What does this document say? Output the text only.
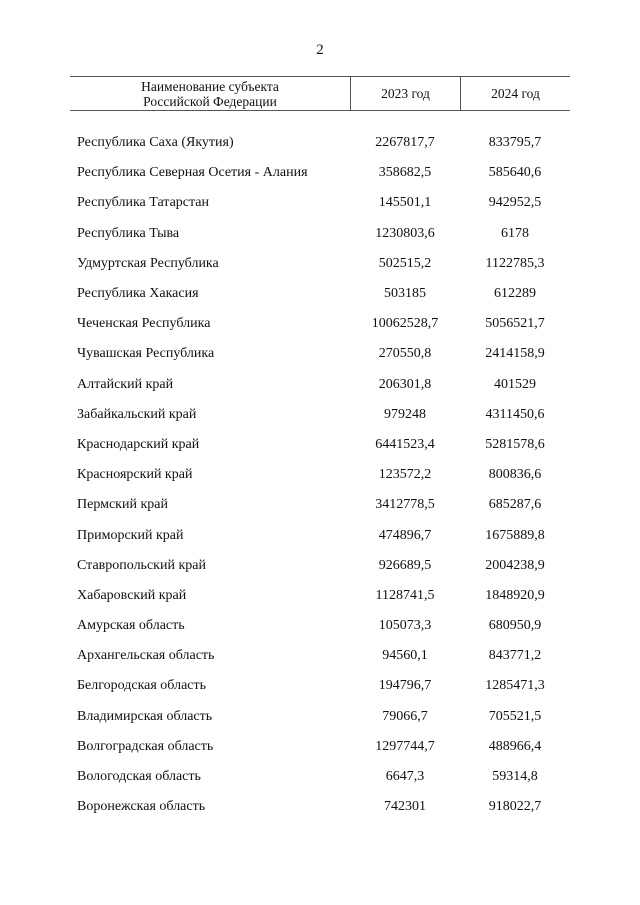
2
Наименование субъекта
Российской Федерации
2023 год	2024 год
Республика Саха (Якутия)	2267817,7	833795,7
Республика Северная Осетия - Алания	358682,5	585640,6
Республика Татарстан	145501,1	942952,5
Республика Тыва	1230803,6	6178
Удмуртская Республика	502515,2	1122785,3
Республика Хакасия	503185	612289
Чеченская Республика	10062528,7	5056521,7
Чувашская Республика	270550,8	2414158,9
Алтайский край	206301,8	401529
Забайкальский край	979248	4311450,6
Краснодарский край	6441523,4	5281578,6
Красноярский край	123572,2	800836,6
Пермский край	3412778,5	685287,6
Приморский край	474896,7	1675889,8
Ставропольский край	926689,5	2004238,9
Хабаровский край	1128741,5	1848920,9
Амурская область	105073,3	680950,9
Архангельская область	94560,1	843771,2
Белгородская область	194796,7	1285471,3
Владимирская область	79066,7	705521,5
Волгоградская область	1297744,7	488966,4
Вологодская область	6647,3	59314,8
Воронежская область	742301	918022,7
